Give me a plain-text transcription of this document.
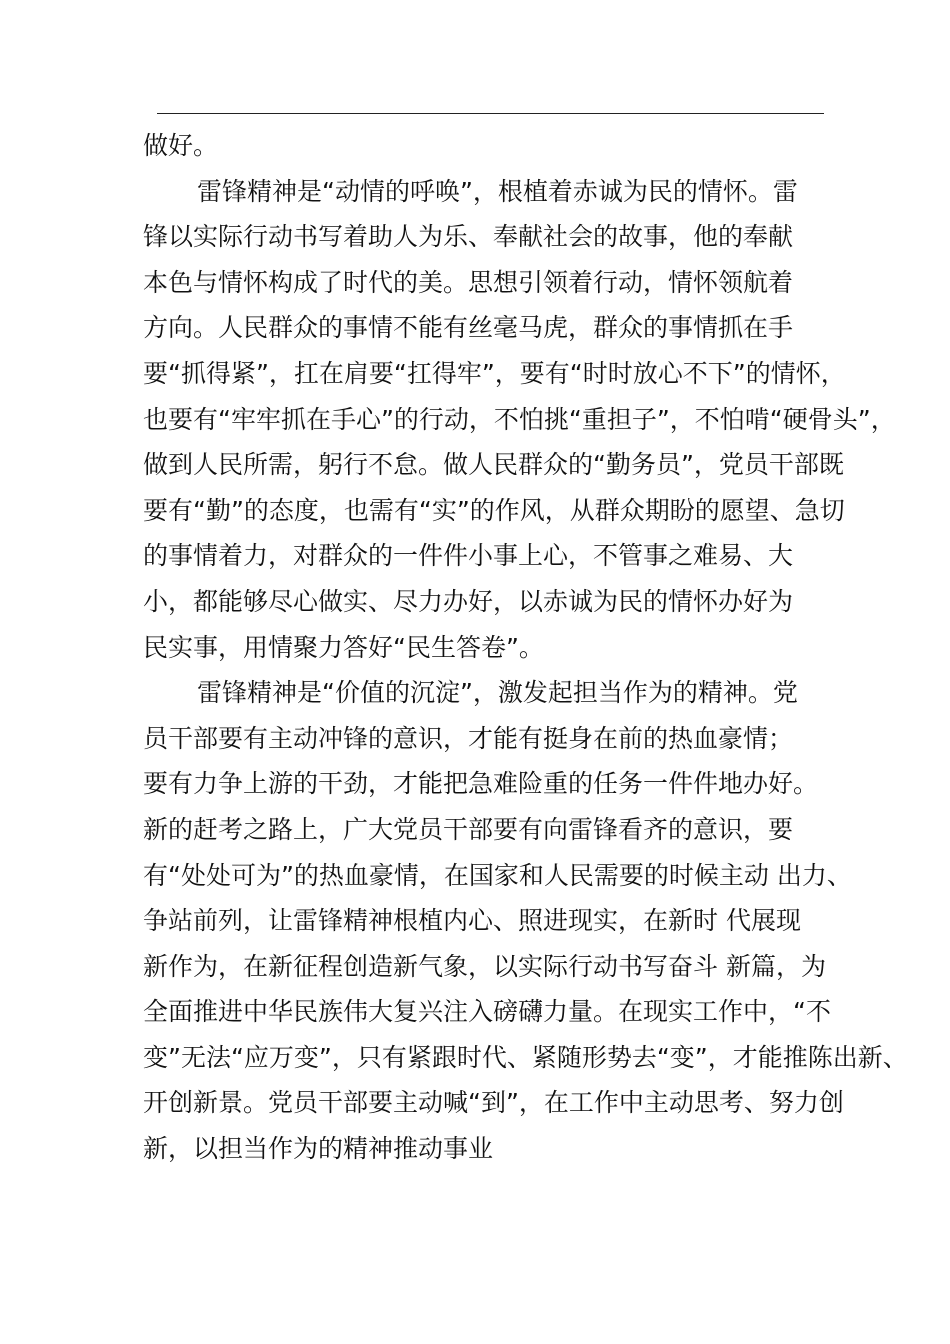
做好。
雷锋精神是“动情的呼唤”，根植着赤诚为民的情怀。雷
锋以实际行动书写着助人为乐、奉献社会的故事，他的奉献
本色与情怀构成了时代的美。思想引领着行动，情怀领航着
方向。人民群众的事情不能有丝毫马虎，群众的事情抓在手
要“抓得紧”，扛在肩要“扛得牢”，要有“时时放心不下”的情怀，
也要有“牢牢抓在手心”的行动，不怕挑“重担子”，不怕啃“硬骨头”，
做到人民所需，躬行不怠。做人民群众的“勤务员”，党员干部既
要有“勤”的态度，也需有“实”的作风，从群众期盼的愿望、急切
的事情着力，对群众的一件件小事上心，不管事之难易、大
小，都能够尽心做实、尽力办好，以赤诚为民的情怀办好为
民实事，用情聚力答好“民生答卷”。
雷锋精神是“价值的沉淀”，激发起担当作为的精神。党
员干部要有主动冲锋的意识，才能有挺身在前的热血豪情；
要有力争上游的干劲，才能把急难险重的任务一件件地办好。
新的赶考之路上，广大党员干部要有向雷锋看齐的意识，要
有“处处可为”的热血豪情，在国家和人民需要的时候主动 出力、
争站前列，让雷锋精神根植内心、照进现实，在新时 代展现
新作为，在新征程创造新气象，以实际行动书写奋斗 新篇，为
全面推进中华民族伟大复兴注入磅礴力量。在现实工作中，“不
变”无法“应万变”，只有紧跟时代、紧随形势去“变”，才能推陈出新、
开创新景。党员干部要主动喊“到”，在工作中主动思考、努力创
新，以担当作为的精神推动事业
